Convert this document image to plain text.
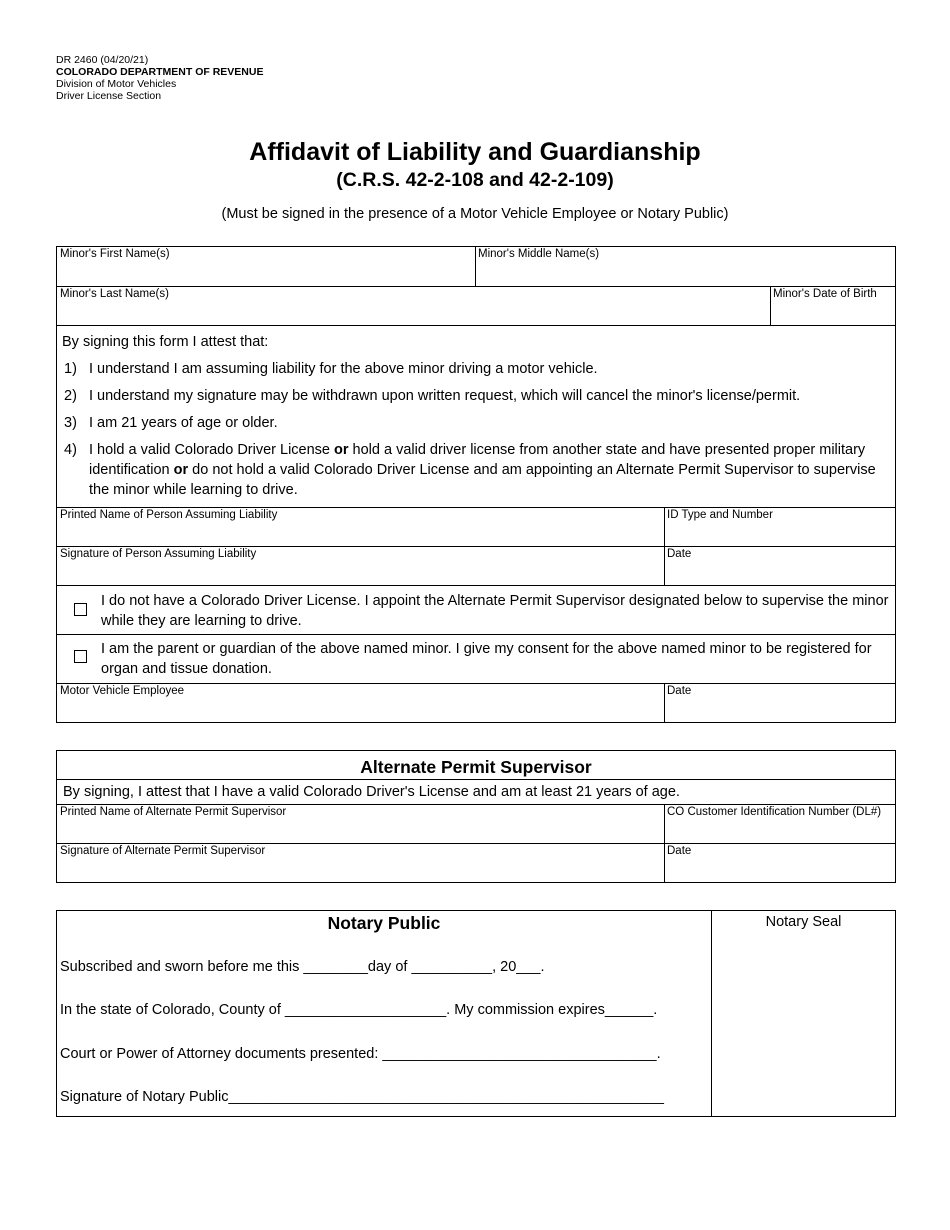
DR 2460 (04/20/21)
COLORADO DEPARTMENT OF REVENUE
Division of Motor Vehicles
Driver License Section
Affidavit of Liability and Guardianship
(C.R.S. 42-2-108 and 42-2-109)
(Must be signed in the presence of a Motor Vehicle Employee or Notary Public)
Minor's First Name(s)	Minor's Middle Name(s)
Minor's Last Name(s)	Minor's Date of Birth
By signing this form I attest that:
1) I understand I am assuming liability for the above minor driving a motor vehicle.
2) I understand my signature may be withdrawn upon written request, which will cancel the minor's license/permit.
3) I am 21 years of age or older.
4) I hold a valid Colorado Driver License or hold a valid driver license from another state and have presented proper military identification or do not hold a valid Colorado Driver License and am appointing an Alternate Permit Supervisor to supervise the minor while learning to drive.
Printed Name of Person Assuming Liability	ID Type and Number
Signature of Person Assuming Liability	Date
I do not have a Colorado Driver License. I appoint the Alternate Permit Supervisor designated below to supervise the minor while they are learning to drive.
I am the parent or guardian of the above named minor. I give my consent for the above named minor to be registered for organ and tissue donation.
Motor Vehicle Employee	Date
Alternate Permit Supervisor
By signing, I attest that I have a valid Colorado Driver's License and am at least 21 years of age.
Printed Name of Alternate Permit Supervisor	CO Customer Identification Number (DL#)
Signature of Alternate Permit Supervisor	Date
Notary Public
Subscribed and sworn before me this ________day of __________, 20___.
In the state of Colorado, County of ____________________. My commission expires______.
Court or Power of Attorney documents presented: __________________________________.
Signature of Notary Public______________________________________________________
Notary Seal
